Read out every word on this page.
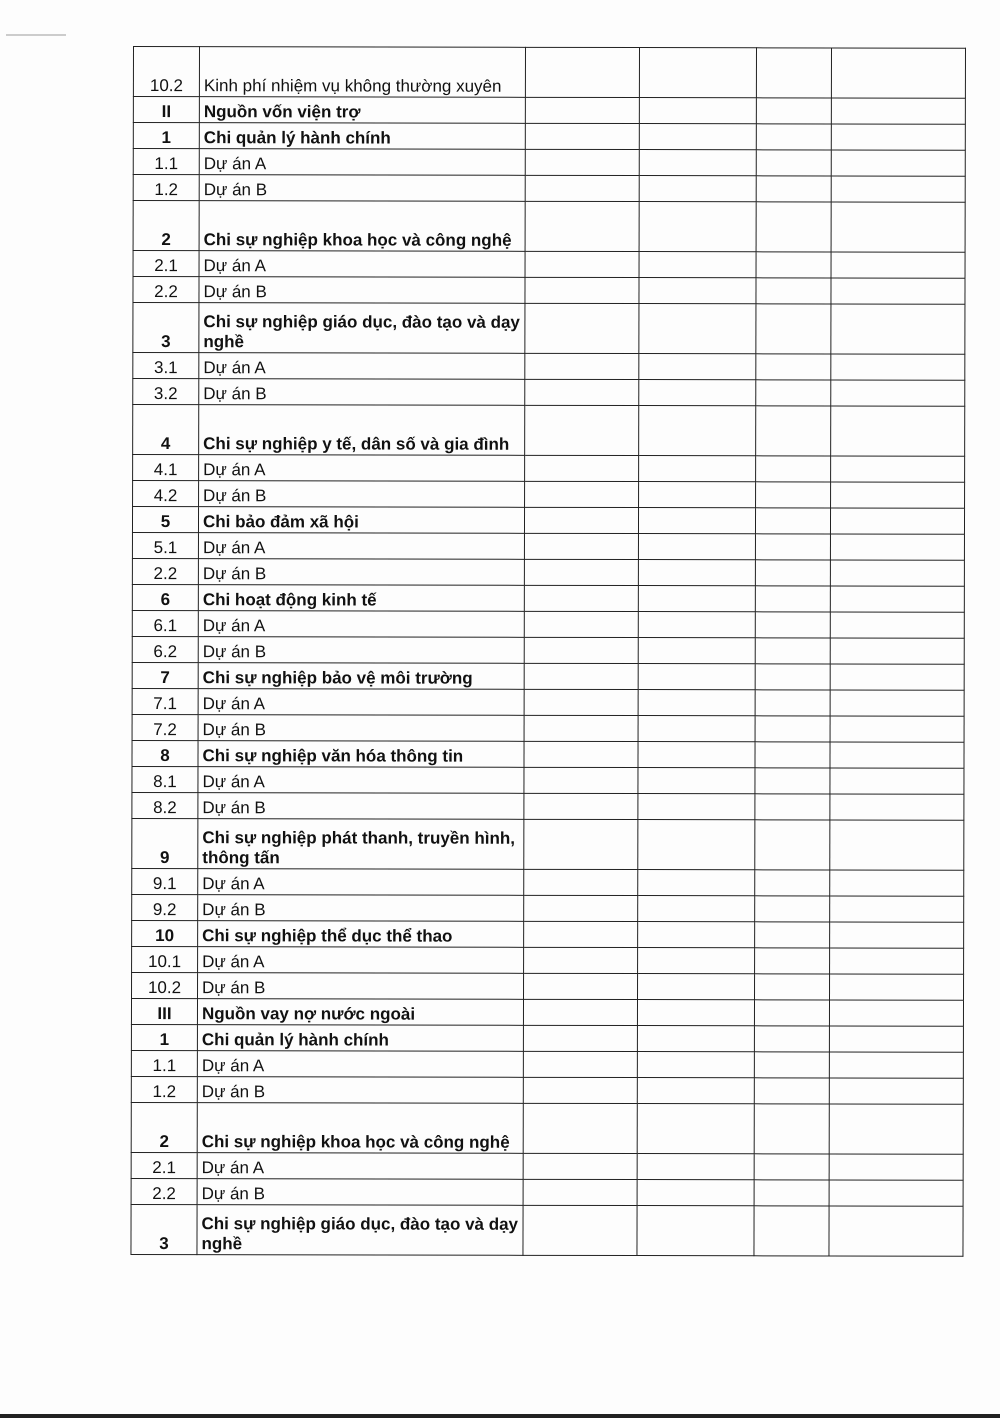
10.2	Kinh phí nhiệm vụ không thường xuyên				
II	Nguồn vốn viện trợ				
1	Chi quản lý hành chính				
1.1	Dự án A				
1.2	Dự án B				
2	Chi sự nghiệp khoa học và công nghệ				
2.1	Dự án A				
2.2	Dự án B				
3	Chi sự nghiệp giáo dục, đào tạo và dạy nghề				
3.1	Dự án A				
3.2	Dự án B				
4	Chi sự nghiệp y tế, dân số và gia đình				
4.1	Dự án A				
4.2	Dự án B				
5	Chi bảo đảm xã hội				
5.1	Dự án A				
2.2	Dự án B				
6	Chi hoạt động kinh tế				
6.1	Dự án A				
6.2	Dự án B				
7	Chi sự nghiệp bảo vệ môi trường				
7.1	Dự án A				
7.2	Dự án B				
8	Chi sự nghiệp văn hóa thông tin				
8.1	Dự án A				
8.2	Dự án B				
9	Chi sự nghiệp phát thanh, truyền hình, thông tấn				
9.1	Dự án A				
9.2	Dự án B				
10	Chi sự nghiệp thể dục thể thao				
10.1	Dự án A				
10.2	Dự án B				
III	Nguồn vay nợ nước ngoài				
1	Chi quản lý hành chính				
1.1	Dự án A				
1.2	Dự án B				
2	Chi sự nghiệp khoa học và công nghệ				
2.1	Dự án A				
2.2	Dự án B				
3	Chi sự nghiệp giáo dục, đào tạo và dạy nghề				
